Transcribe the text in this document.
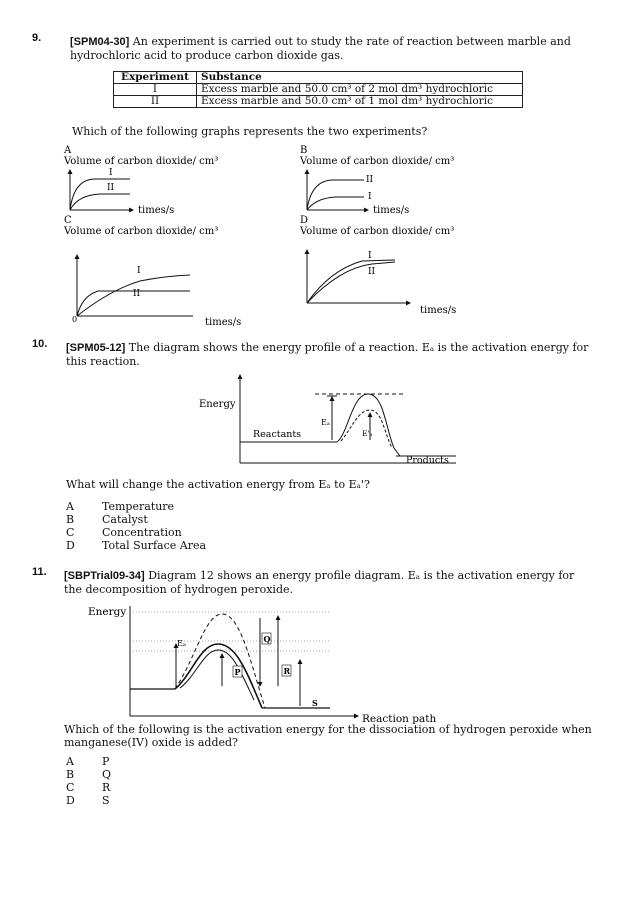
9.	[SPM04-30] An experiment is carried out to study the rate of reaction between marble and
hydrochloric acid to produce carbon dioxide gas.
Experiment	Substance
I	Excess marble and 50.0 cm³ of 2 mol dm³ hydrochloric
II	Excess marble and 50.0 cm³ of 1 mol dm³ hydrochloric
Which of the following graphs represents the two experiments?
A
Volume of carbon dioxide/ cm³
I
II
times/s
B
Volume of carbon dioxide/ cm³
II
I
times/s
C
Volume of carbon dioxide/ cm³
I
II
0	times/s
D
Volume of carbon dioxide/ cm³
I
II
times/s
10. [SPM05-12] The diagram shows the energy profile of a reaction. Eₐ is the activation energy for
this reaction.
Energy
Reactants
Products
Eₐ
E'ₐ
What will change the activation energy from Eₐ to Eₐ'?
A	Temperature
B	Catalyst
C	Concentration
D Total Surface Area
11. [SBPTrial09-34] Diagram 12 shows an energy profile diagram. Eₐ is the activation energy for
the decomposition of hydrogen peroxide.
Energy
Reaction path
Eₐ
P
Q
R
S
Which of the following is the activation energy for the dissociation of hydrogen peroxide when
manganese(IV) oxide is added?
A	P
B	Q
C	R
D S
